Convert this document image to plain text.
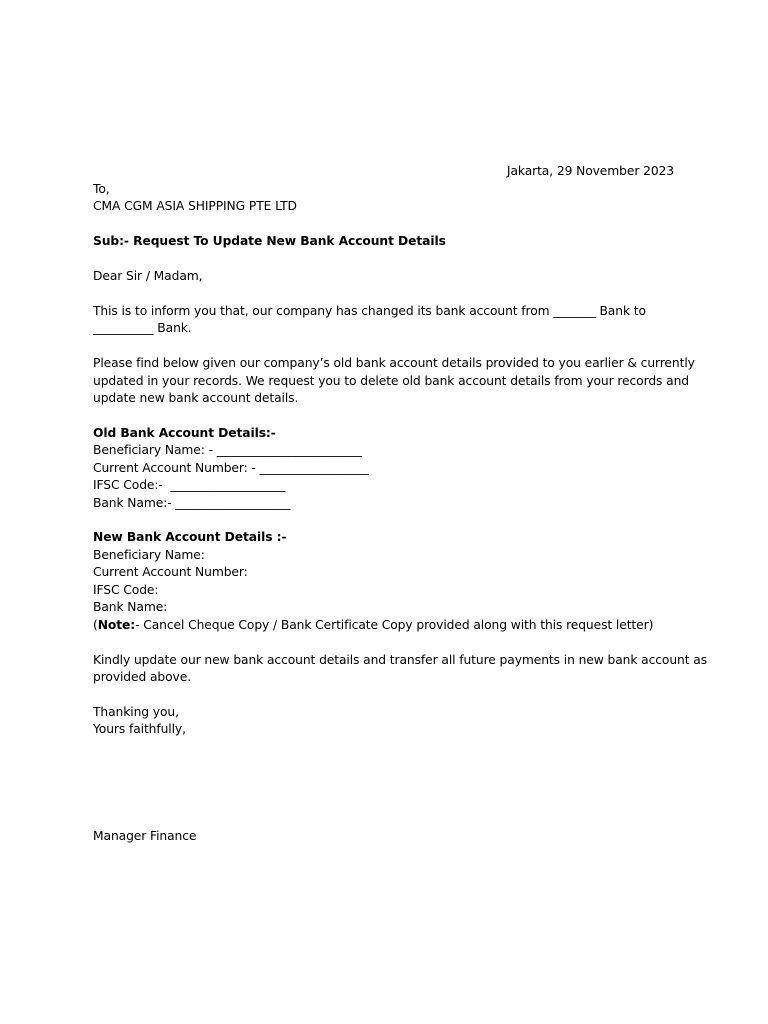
Jakarta, 29 November 2023
To,
CMA CGM ASIA SHIPPING PTE LTD
Sub:- Request To Update New Bank Account Details
Dear Sir / Madam,
This is to inform you that, our company has changed its bank account from _______ Bank to
__________ Bank.
Please find below given our company’s old bank account details provided to you earlier & currently
updated in your records. We request you to delete old bank account details from your records and
update new bank account details.
Old Bank Account Details:-
Beneficiary Name: - ________________________
Current Account Number: - __________________
IFSC Code:-  ___________________
Bank Name:- ___________________
New Bank Account Details :-
Beneficiary Name:
Current Account Number:
IFSC Code:
Bank Name:
(Note:- Cancel Cheque Copy / Bank Certificate Copy provided along with this request letter)
Kindly update our new bank account details and transfer all future payments in new bank account as
provided above.
Thanking you,
Yours faithfully,
Manager Finance
